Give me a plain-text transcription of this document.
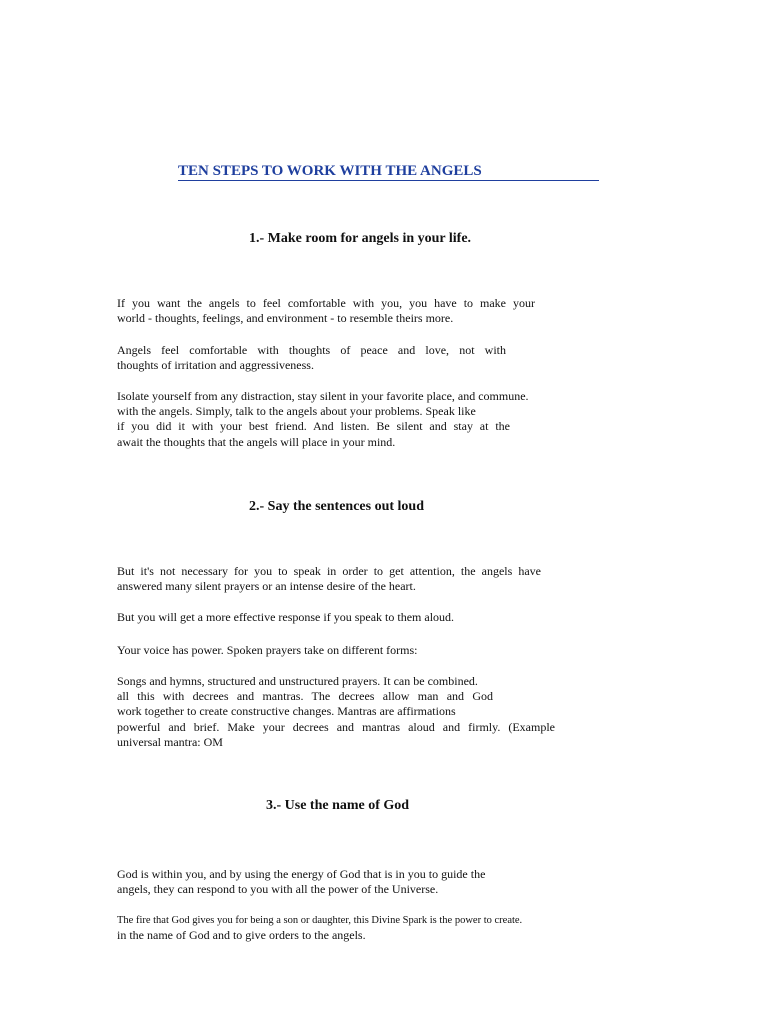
TEN STEPS TO WORK WITH THE ANGELS
1.- Make room for angels in your life.
If you want the angels to feel comfortable with you, you have to make your
world - thoughts, feelings, and environment - to resemble theirs more.
Angels feel comfortable with thoughts of peace and love, not with
thoughts of irritation and aggressiveness.
Isolate yourself from any distraction, stay silent in your favorite place, and commune.
with the angels. Simply, talk to the angels about your problems. Speak like
if you did it with your best friend. And listen. Be silent and stay at the
await the thoughts that the angels will place in your mind.
2.- Say the sentences out loud
But it's not necessary for you to speak in order to get attention, the angels have
answered many silent prayers or an intense desire of the heart.
But you will get a more effective response if you speak to them aloud.
Your voice has power. Spoken prayers take on different forms:
Songs and hymns, structured and unstructured prayers. It can be combined.
all this with decrees and mantras. The decrees allow man and God
work together to create constructive changes. Mantras are affirmations
powerful and brief. Make your decrees and mantras aloud and firmly. (Example
universal mantra: OM
3.- Use the name of God
God is within you, and by using the energy of God that is in you to guide the
angels, they can respond to you with all the power of the Universe.
The fire that God gives you for being a son or daughter, this Divine Spark is the power to create.
in the name of God and to give orders to the angels.
